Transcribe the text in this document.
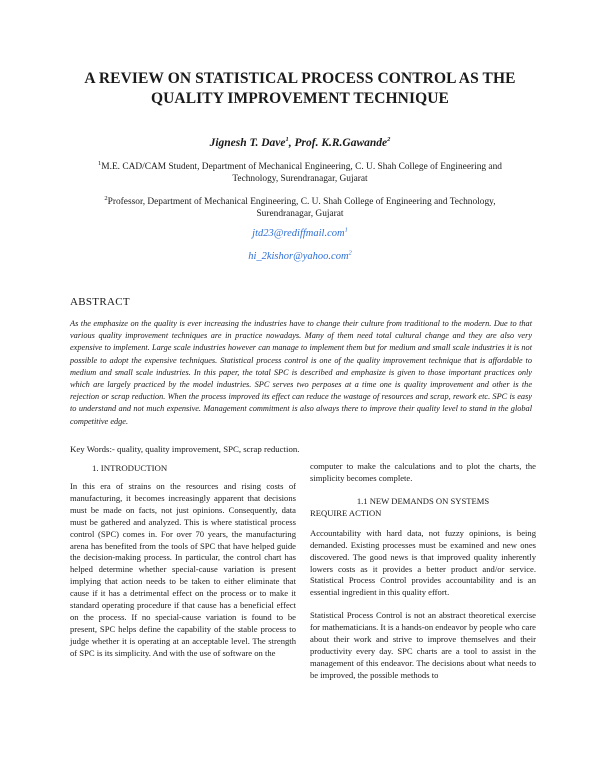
A REVIEW ON STATISTICAL PROCESS CONTROL AS THE
QUALITY IMPROVEMENT TECHNIQUE
Jignesh T. Dave$^1$, Prof. K.R.Gawande$^2$
$^1$M.E. CAD/CAM Student, Department of Mechanical Engineering, C. U. Shah College of Engineering and
Technology, Surendranagar, Gujarat
$^2$Professor, Department of Mechanical Engineering, C. U. Shah College of Engineering and Technology,
Surendranagar, Gujarat
jtd23@rediffmail.com$^1$
hi_2kishor@yahoo.com$^2$
ABSTRACT
As the emphasize on the quality is ever increasing the industries have to change their culture from traditional to the modern. Due to that various quality improvement techniques are in practice nowadays. Many of them need total cultural change and they are also very expensive to implement. Large scale industries however can manage to implement them but for medium and small scale industries it is not possible to adopt the expensive techniques. Statistical process control is one of the quality improvement technique that is affordable to medium and small scale industries. In this paper, the total SPC is described and emphasize is given to those important practices only which are largely practiced by the model industries. SPC serves two perposes at a time one is quality improvement and other is the rejection or scrap reduction. When the process improved its effect can reduce the wastage of resources and scrap, rework etc. SPC is easy to understand and not much expensive. Management commitment is also always there to improve their quality level to stand in the global competitive edge.
Key Words:- quality, quality improvement, SPC, scrap reduction.
1. INTRODUCTION

In this era of strains on the resources and rising costs of manufacturing, it becomes increasingly apparent that decisions must be made on facts, not just opinions. Consequently, data must be gathered and analyzed. This is where statistical process control (SPC) comes in. For over 70 years, the manufacturing arena has benefited from the tools of SPC that have helped guide the decision-making process. In particular, the control chart has helped determine whether special-cause variation is present implying that action needs to be taken to either eliminate that cause if it has a detrimental effect on the process or to make it standard operating procedure if that cause has a beneficial effect on the process. If no special-cause variation is found to be present, SPC helps define the capability of the stable process to judge whether it is operating at an acceptable level. The strength of SPC is its simplicity. And with the use of software on the

computer to make the calculations and to plot the charts, the simplicity becomes complete.

1.1 NEW DEMANDS ON SYSTEMS
REQUIRE ACTION

Accountability with hard data, not fuzzy opinions, is being demanded. Existing processes must be examined and new ones discovered. The good news is that improved quality inherently lowers costs as it provides a better product and/or service. Statistical Process Control provides accountability and is an essential ingredient in this quality effort.

Statistical Process Control is not an abstract theoretical exercise for mathematicians. It is a hands-on endeavor by people who care about their work and strive to improve themselves and their productivity every day. SPC charts are a tool to assist in the management of this endeavor. The decisions about what needs to be improved, the possible methods to
